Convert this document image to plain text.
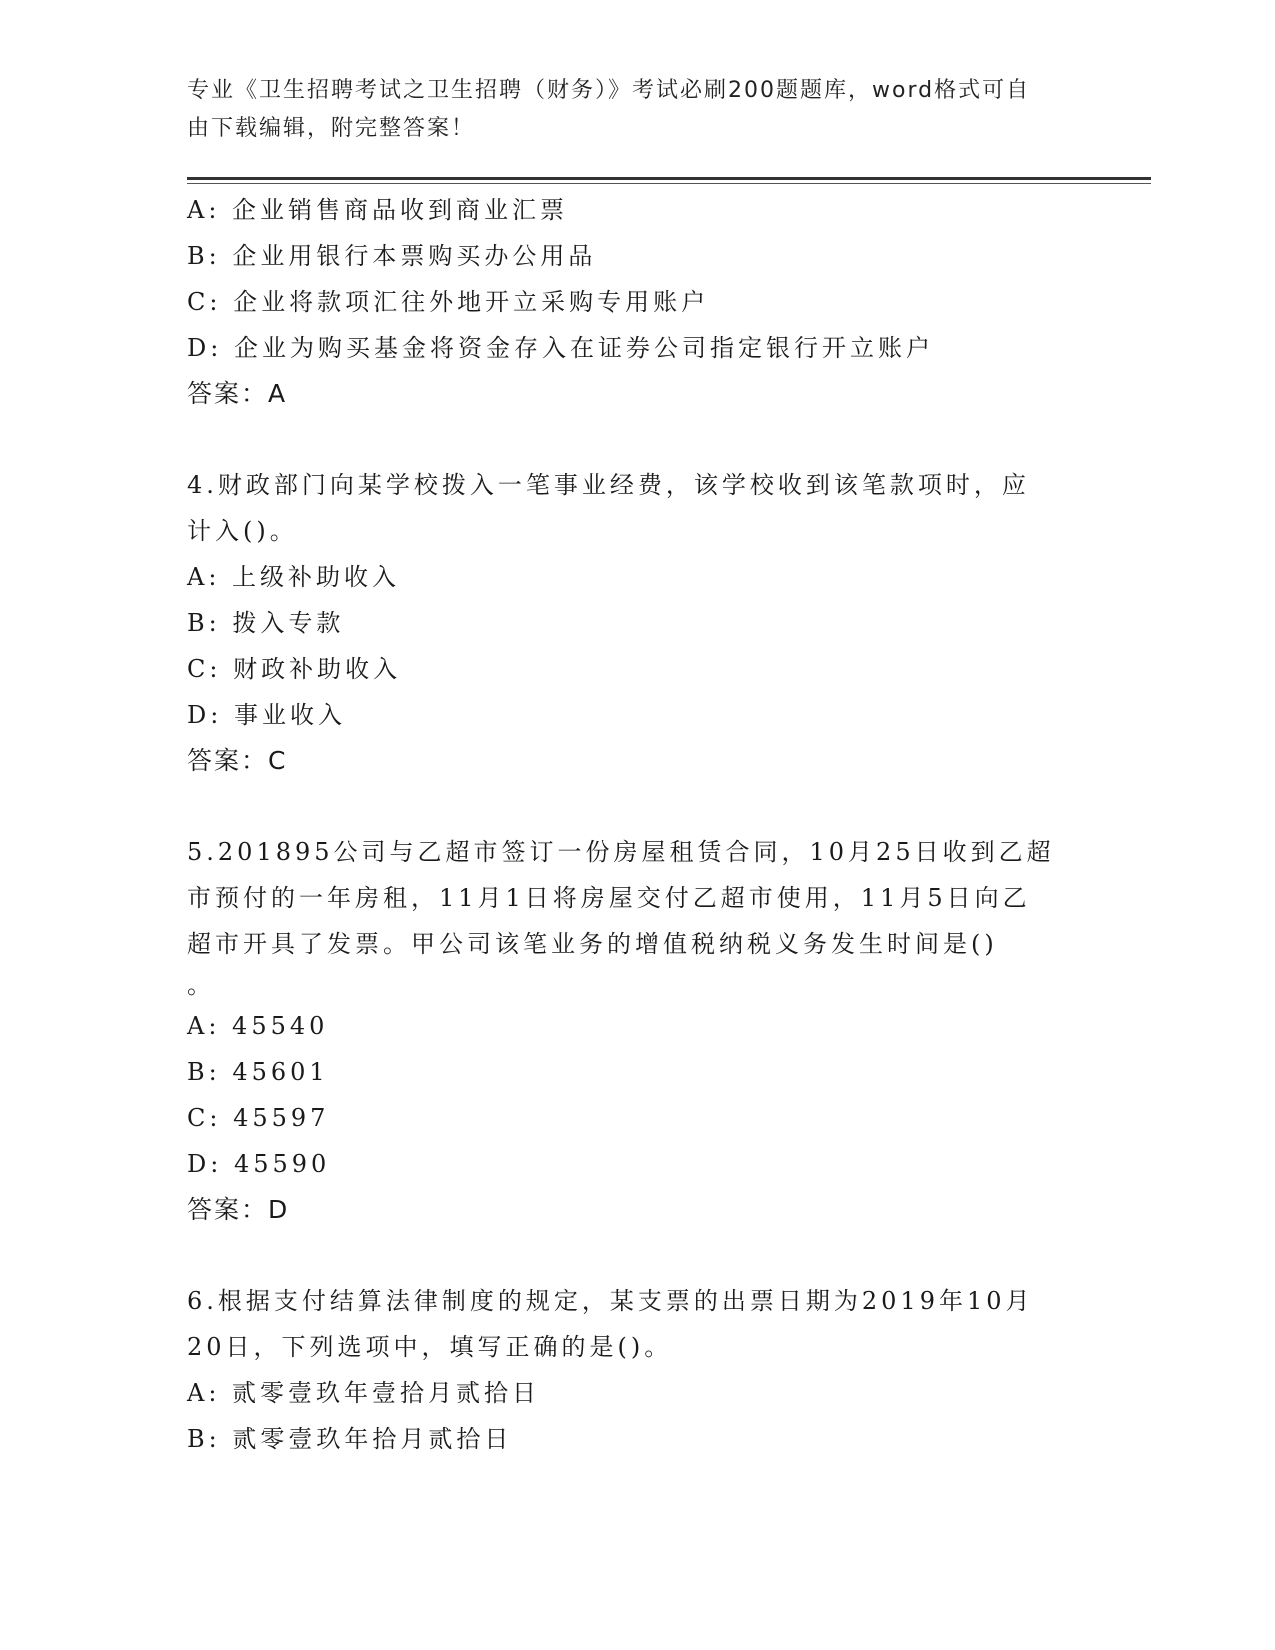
专业《卫生招聘考试之卫生招聘（财务）》考试必刷200题题库，word格式可自
由下载编辑，附完整答案！
A: 企业销售商品收到商业汇票
B: 企业用银行本票购买办公用品
C: 企业将款项汇往外地开立采购专用账户
D: 企业为购买基金将资金存入在证券公司指定银行开立账户
答案：A
4.财政部门向某学校拨入一笔事业经费，该学校收到该笔款项时，应
计入()。
A: 上级补助收入
B: 拨入专款
C: 财政补助收入
D: 事业收入
答案：C
5.201895公司与乙超市签订一份房屋租赁合同，10月25日收到乙超
市预付的一年房租，11月1日将房屋交付乙超市使用，11月5日向乙
超市开具了发票。甲公司该笔业务的增值税纳税义务发生时间是()
。
A: 45540
B: 45601
C: 45597
D: 45590
答案：D
6.根据支付结算法律制度的规定，某支票的出票日期为2019年10月
20日，下列选项中，填写正确的是()。
A: 贰零壹玖年壹拾月贰拾日
B: 贰零壹玖年拾月贰拾日
